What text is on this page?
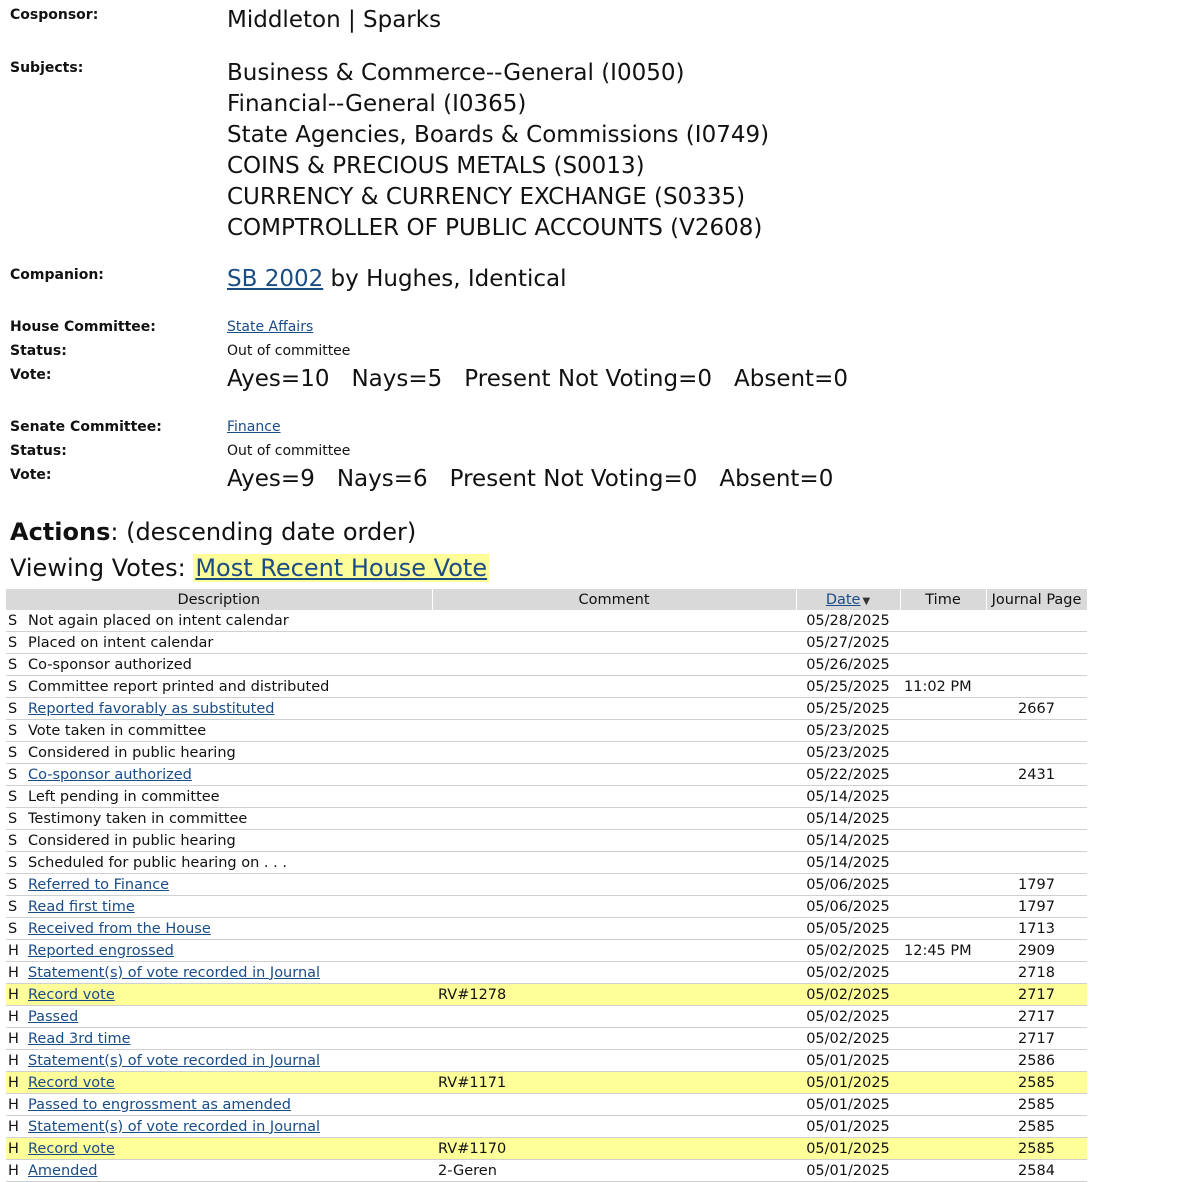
Cosponsor:	Middleton | Sparks
Subjects:	Business & Commerce--General (I0050)
Financial--General (I0365)
State Agencies, Boards & Commissions (I0749)
COINS & PRECIOUS METALS (S0013)
CURRENCY & CURRENCY EXCHANGE (S0335)
COMPTROLLER OF PUBLIC ACCOUNTS (V2608)
Companion:	SB 2002 by Hughes, Identical
House Committee:	State Affairs
Status:	Out of committee
Vote:	Ayes=10 Nays=5 Present Not Voting=0 Absent=0
Senate Committee:	Finance
Status:	Out of committee
Vote:	Ayes=9 Nays=6 Present Not Voting=0 Absent=0
Actions: (descending date order)
Viewing Votes: Most Recent House Vote
Description		Comment	Date ▼	Time	Journal Page
S	Not again placed on intent calendar		05/28/2025		
S	Placed on intent calendar		05/27/2025		
S	Co-sponsor authorized		05/26/2025		
S	Committee report printed and distributed		05/25/2025	11:02 PM	
S	Reported favorably as substituted		05/25/2025		2667
S	Vote taken in committee		05/23/2025		
S	Considered in public hearing		05/23/2025		
S	Co-sponsor authorized		05/22/2025		2431
S	Left pending in committee		05/14/2025		
S	Testimony taken in committee		05/14/2025		
S	Considered in public hearing		05/14/2025		
S	Scheduled for public hearing on . . .		05/14/2025		
S	Referred to Finance		05/06/2025		1797
S	Read first time		05/06/2025		1797
S	Received from the House		05/05/2025		1713
H	Reported engrossed		05/02/2025	12:45 PM	2909
H	Statement(s) of vote recorded in Journal		05/02/2025		2718
H	Record vote	RV#1278	05/02/2025		2717
H	Passed		05/02/2025		2717
H	Read 3rd time		05/02/2025		2717
H	Statement(s) of vote recorded in Journal		05/01/2025		2586
H	Record vote	RV#1171	05/01/2025		2585
H	Passed to engrossment as amended		05/01/2025		2585
H	Statement(s) of vote recorded in Journal		05/01/2025		2585
H	Record vote	RV#1170	05/01/2025		2585
H	Amended	2-Geren	05/01/2025		2584
